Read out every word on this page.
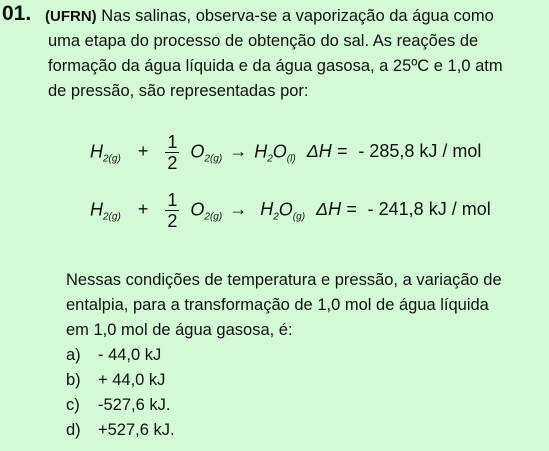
01. (UFRN) Nas salinas, observa-se a vaporização da água como
uma etapa do processo de obtenção do sal. As reações de
formação da água líquida e da água gasosa, a 25ºC e 1,0 atm
de pressão, são representadas por:
$H_{2(g)} + \frac{1}{2} O_{2(g)} \to H_2O_{(l)}$ ΔH = - 285,8 kJ / mol
$H_{2(g)} + \frac{1}{2} O_{2(g)} \to H_2O_{(g)}$ ΔH = - 241,8 kJ / mol
Nessas condições de temperatura e pressão, a variação de
entalpia, para a transformação de 1,0 mol de água líquida
em 1,0 mol de água gasosa, é:
a) - 44,0 kJ
b) + 44,0 kJ
c) -527,6 kJ.
d) +527,6 kJ.
